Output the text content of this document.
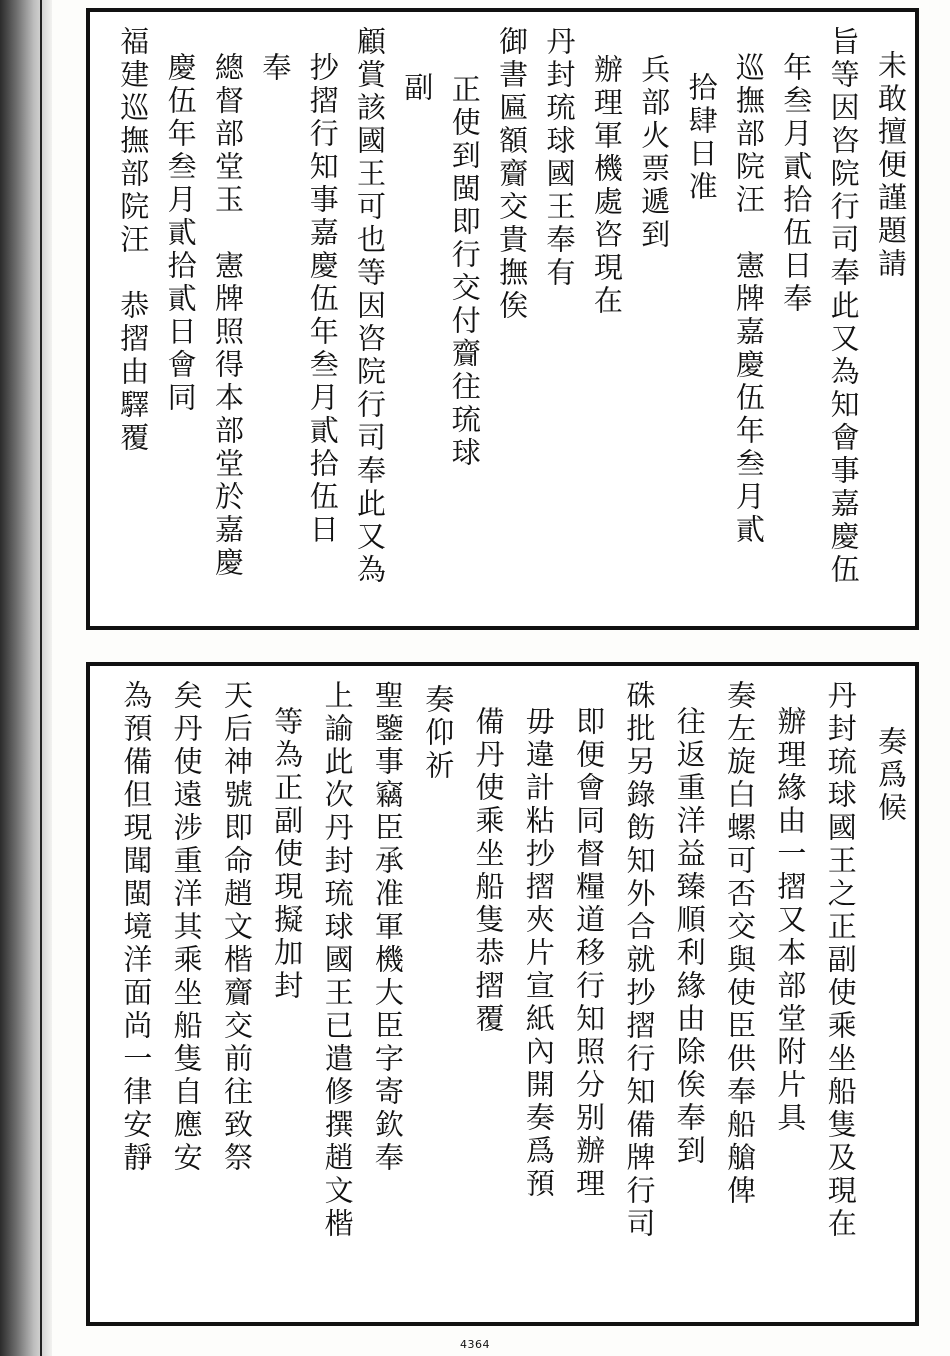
未敢擅便謹題請
旨等因咨院行司奉此又為知會事嘉慶伍
年叁月貳拾伍日奉
巡撫部院汪　憲牌嘉慶伍年叁月貳
拾肆日准
兵部火票遞到
辦理軍機處咨現在
丹封琉球國王奉有
御書匾額齎交貴撫俟
正使到閩即行交付齎往琉球
副
顧賞該國王可也等因咨院行司奉此又為
抄摺行知事嘉慶伍年叁月貳拾伍日
奉
總督部堂玉　憲牌照得本部堂於嘉慶
慶伍年叁月貳拾貳日會同
福建巡撫部院汪　恭摺由驛覆
奏爲候
丹封琉球國王之正副使乘坐船隻及現在
辦理緣由一摺又本部堂附片具
奏左旋白螺可否交與使臣供奉船艙俾
往返重洋益臻順利緣由除俟奉到
硃批另錄飭知外合就抄摺行知備牌行司
即便會同督糧道移行知照分别辦理
毋違計粘抄摺夾片宣紙內開奏爲預
備丹使乘坐船隻恭摺覆
奏仰祈
聖鑒事竊臣承准軍機大臣字寄欽奉
上諭此次丹封琉球國王已遣修撰趙文楷
等為正副使現擬加封
天后神號即命趙文楷齎交前往致祭
矣丹使遠涉重洋其乘坐船隻自應安
為預備但現聞閩境洋面尚一律安靜
4364
